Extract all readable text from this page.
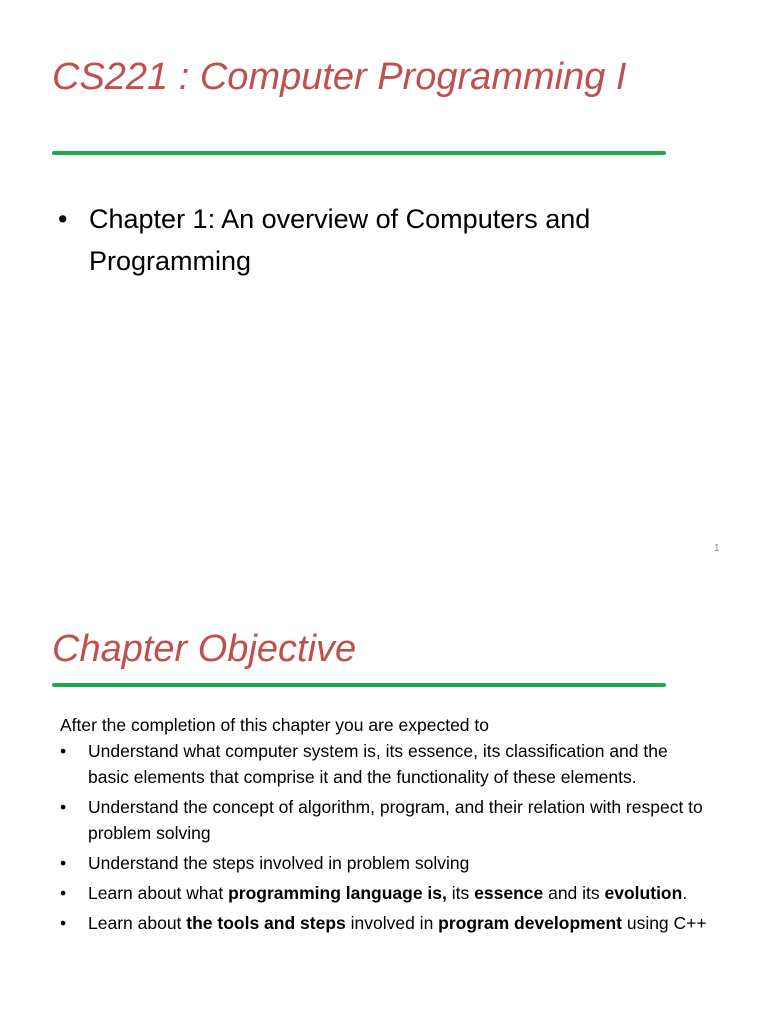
CS221 : Computer Programming I
• Chapter 1: An overview of Computers and Programming
1
Chapter Objective
After the completion of this chapter you are expected to
• Understand what computer system is, its essence, its classification and the basic elements that comprise it and the functionality of these elements.
• Understand the concept of algorithm, program, and their relation with respect to problem solving
• Understand the steps involved in problem solving
• Learn about what programming language is, its essence and its evolution.
• Learn about the tools and steps involved in program development using C++
